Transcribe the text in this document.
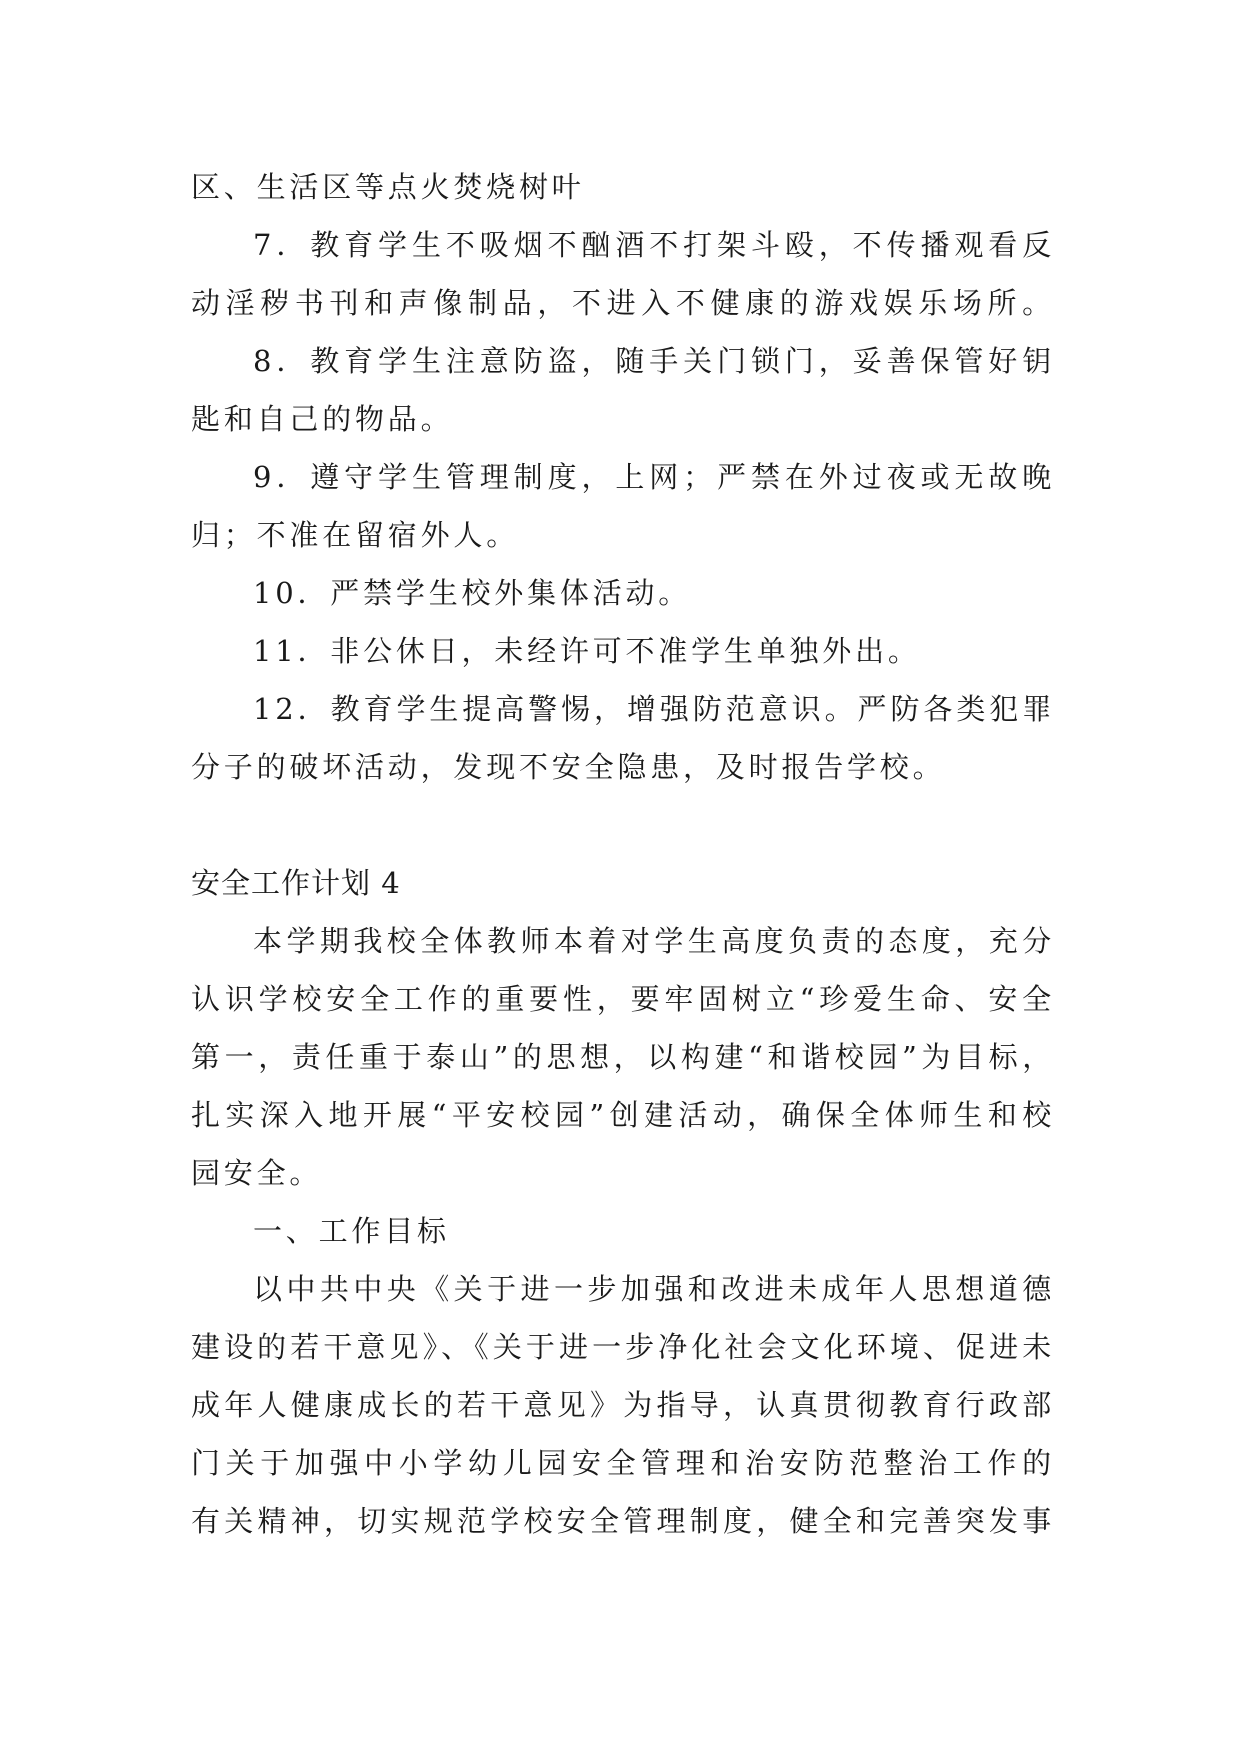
区、生活区等点火焚烧树叶
7．教育学生不吸烟不酗酒不打架斗殴，不传播观看反
动淫秽书刊和声像制品，不进入不健康的游戏娱乐场所。
8．教育学生注意防盗，随手关门锁门，妥善保管好钥
匙和自己的物品。
9．遵守学生管理制度，上网；严禁在外过夜或无故晚
归；不准在留宿外人。
10．严禁学生校外集体活动。
11．非公休日，未经许可不准学生单独外出。
12．教育学生提高警惕，增强防范意识。严防各类犯罪
分子的破坏活动，发现不安全隐患，及时报告学校。
安全工作计划 4
本学期我校全体教师本着对学生高度负责的态度，充分
认识学校安全工作的重要性，要牢固树立“珍爱生命、安全
第一，责任重于泰山”的思想，以构建“和谐校园”为目标，
扎实深入地开展“平安校园”创建活动，确保全体师生和校
园安全。
一、工作目标
以中共中央《关于进一步加强和改进未成年人思想道德
建设的若干意见》、《关于进一步净化社会文化环境、促进未
成年人健康成长的若干意见》为指导，认真贯彻教育行政部
门关于加强中小学幼儿园安全管理和治安防范整治工作的
有关精神，切实规范学校安全管理制度，健全和完善突发事
